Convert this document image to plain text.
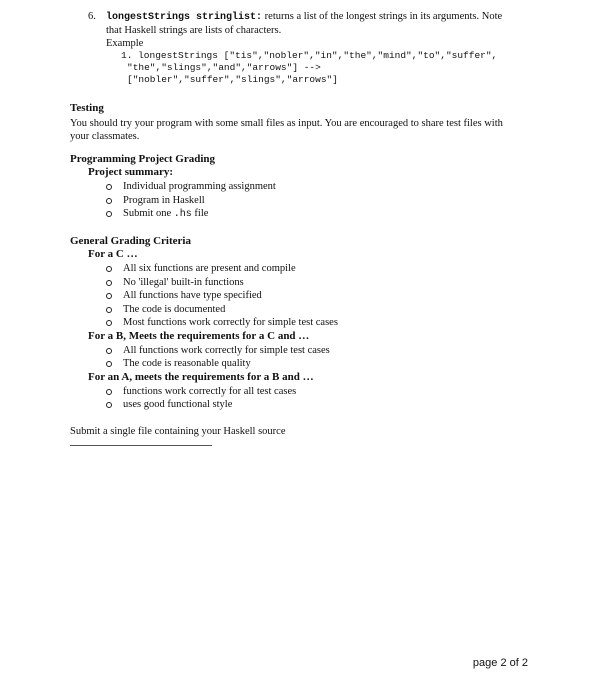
6. longestStrings stringlist: returns a list of the longest strings in its arguments. Note
that Haskell strings are lists of characters.
Example
1. longestStrings ["tis","nobler","in","the","mind","to","suffer",
"the","slings","and","arrows"] -->
["nobler","suffer","slings","arrows"]
Testing

You should try your program with some small files as input. You are encouraged to share test files with
your classmates.

Programming Project Grading
Project summary:
Individual programming assignment
Program in Haskell
Submit one .hs file
General Grading Criteria
For a C …
All six functions are present and compile
No 'illegal' built-in functions
All functions have type specified
The code is documented
Most functions work correctly for simple test cases
For a B, Meets the requirements for a C and …
All functions work correctly for simple test cases
The code is reasonable quality
For an A, meets the requirements for a B and …
functions work correctly for all test cases
uses good functional style
Submit a single file containing your Haskell source
page 2 of 2
